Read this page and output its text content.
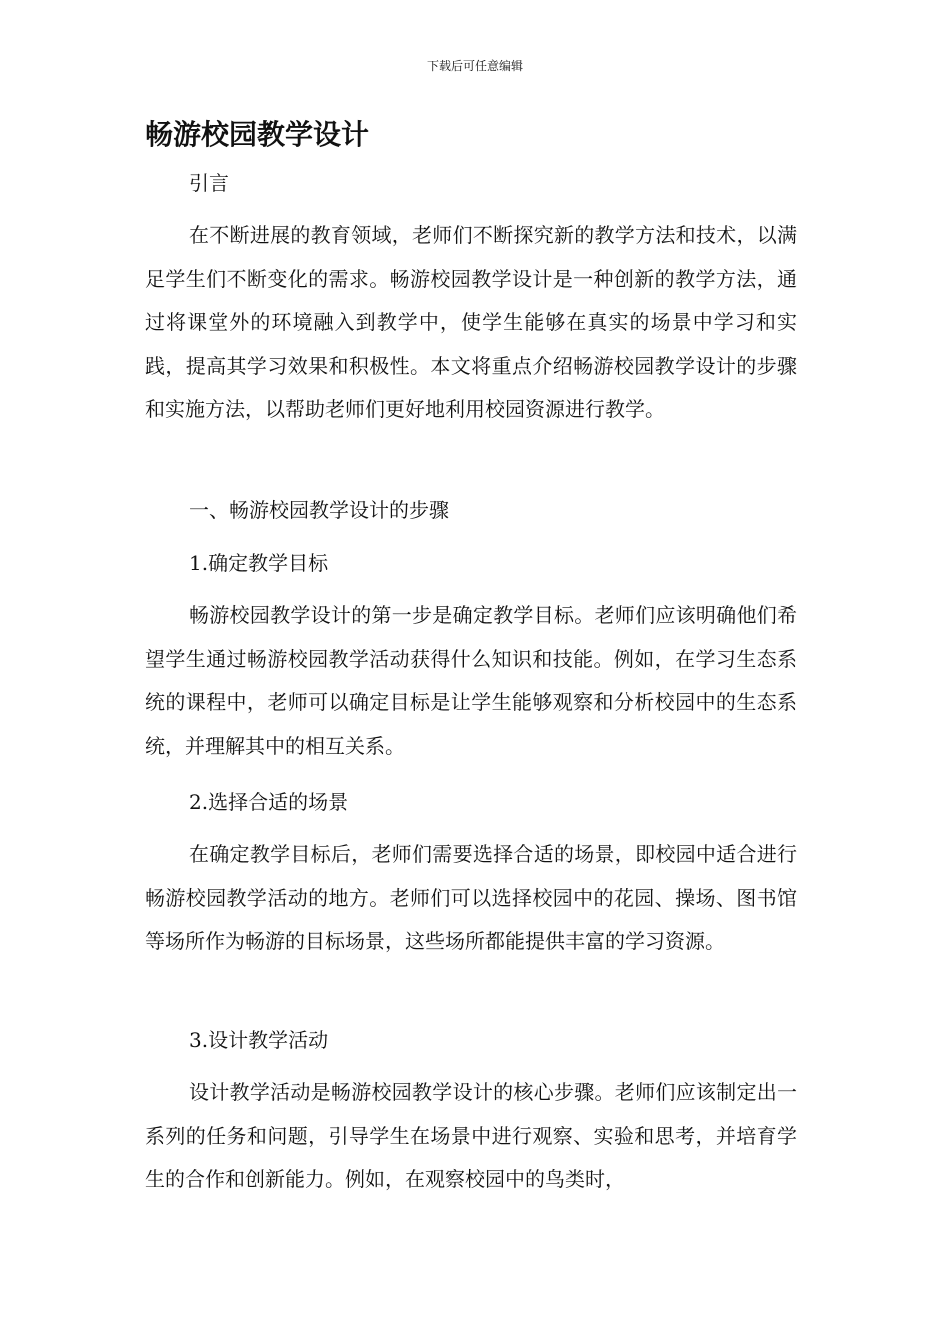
下载后可任意编辑
畅游校园教学设计
引言

在不断进展的教育领域，老师们不断探究新的教学方法和技术，以满足学生们不断变化的需求。畅游校园教学设计是一种创新的教学方法，通过将课堂外的环境融入到教学中，使学生能够在真实的场景中学习和实践，提高其学习效果和积极性。本文将重点介绍畅游校园教学设计的步骤和实施方法，以帮助老师们更好地利用校园资源进行教学。

一、畅游校园教学设计的步骤
1.确定教学目标

畅游校园教学设计的第一步是确定教学目标。老师们应该明确他们希望学生通过畅游校园教学活动获得什么知识和技能。例如，在学习生态系统的课程中，老师可以确定目标是让学生能够观察和分析校园中的生态系统，并理解其中的相互关系。

2.选择合适的场景

在确定教学目标后，老师们需要选择合适的场景，即校园中适合进行畅游校园教学活动的地方。老师们可以选择校园中的花园、操场、图书馆等场所作为畅游的目标场景，这些场所都能提供丰富的学习资源。

3.设计教学活动

设计教学活动是畅游校园教学设计的核心步骤。老师们应该制定出一系列的任务和问题，引导学生在场景中进行观察、实验和思考，并培育学生的合作和创新能力。例如，在观察校园中的鸟类时，
